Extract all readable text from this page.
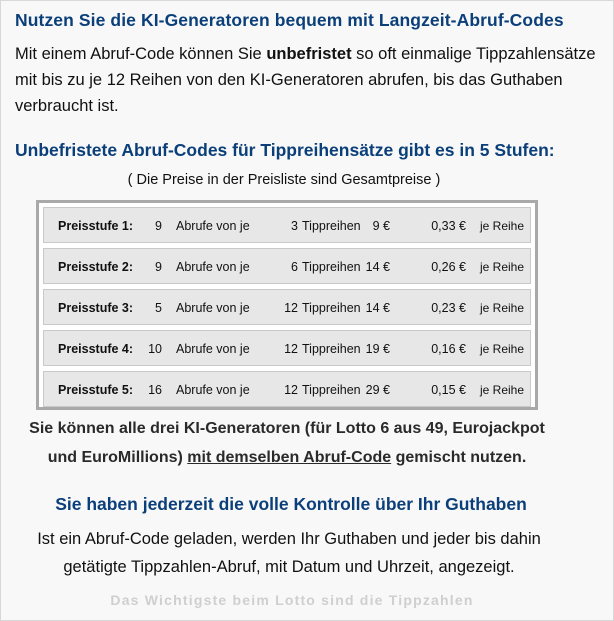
Nutzen Sie die KI-Generatoren bequem mit Langzeit-Abruf-Codes
Mit einem Abruf-Code können Sie unbefristet so oft einmalige Tippzahlensätze mit bis zu je 12 Reihen von den KI-Generatoren abrufen, bis das Guthaben verbraucht ist.
Unbefristete Abruf-Codes für Tippreihensätze gibt es in 5 Stufen:
( Die Preise in der Preisliste sind Gesamtpreise )
Preisstufe 1: 9 Abrufe von je	3 Tippreihen 9 €	0,33 € je Reihe
Preisstufe 2: 9 Abrufe von je	6 Tippreihen 14 €	0,26 € je Reihe
Preisstufe 3: 5 Abrufe von je	12 Tippreihen 14 €	0,23 € je Reihe
Preisstufe 4: 10 Abrufe von je	12 Tippreihen 19 €	0,16 € je Reihe
Preisstufe 5: 16 Abrufe von je	12 Tippreihen 29 €	0,15 € je Reihe
Sie können alle drei KI-Generatoren (für Lotto 6 aus 49, Eurojackpot
und EuroMillions) mit demselben Abruf-Code gemischt nutzen.
Sie haben jederzeit die volle Kontrolle über Ihr Guthaben
Ist ein Abruf-Code geladen, werden Ihr Guthaben und jeder bis dahin
getätigte Tippzahlen-Abruf, mit Datum und Uhrzeit, angezeigt.
Das Wichtigste beim Lotto sind die Tippzahlen
